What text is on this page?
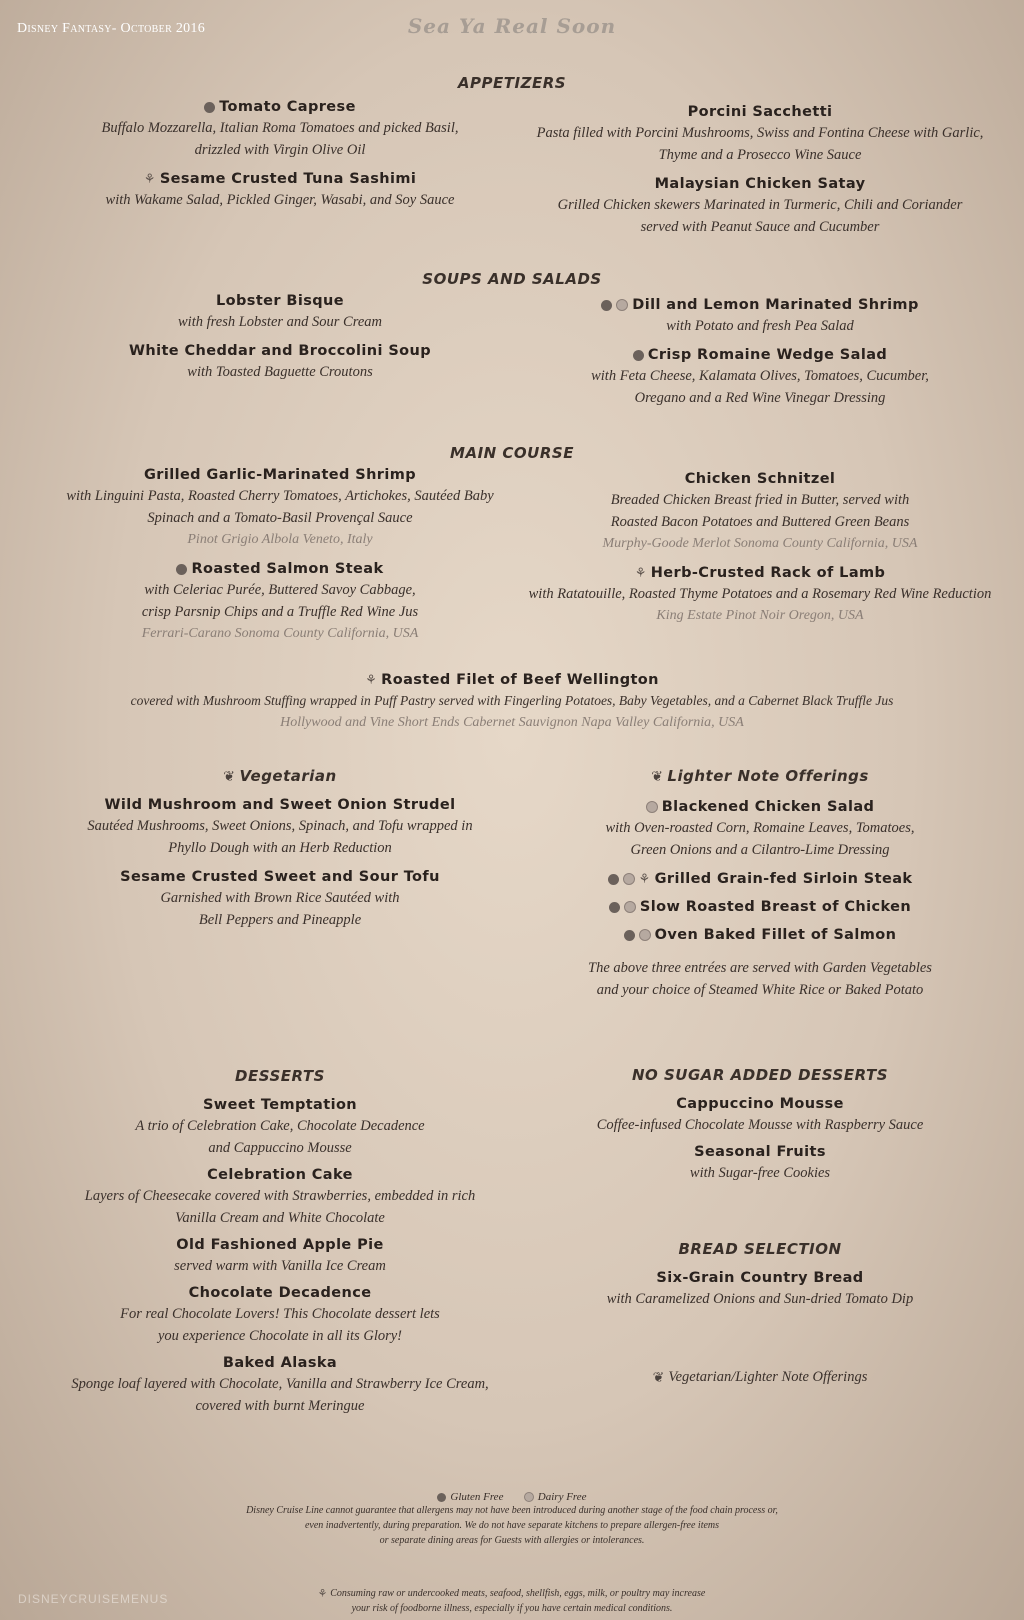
Disney Fantasy- October 2016	Sea Ya Real Soon
APPETIZERS

Tomato Caprese

Buffalo Mozzarella, Italian Roma Tomatoes and picked Basil,
drizzled with Virgin Olive Oil

⚘ Sesame Crusted Tuna Sashimi

with Wakame Salad, Pickled Ginger, Wasabi, and Soy Sauce

Porcini Sacchetti

Pasta filled with Porcini Mushrooms, Swiss and Fontina Cheese with Garlic,
Thyme and a Prosecco Wine Sauce

Malaysian Chicken Satay

Grilled Chicken skewers Marinated in Turmeric, Chili and Coriander
served with Peanut Sauce and Cucumber

SOUPS AND SALADS

Lobster Bisque

with fresh Lobster and Sour Cream

White Cheddar and Broccolini Soup

with Toasted Baguette Croutons

Dill and Lemon Marinated Shrimp

with Potato and fresh Pea Salad

Crisp Romaine Wedge Salad

with Feta Cheese, Kalamata Olives, Tomatoes, Cucumber,
Oregano and a Red Wine Vinegar Dressing

MAIN COURSE

Grilled Garlic-Marinated Shrimp

with Linguini Pasta, Roasted Cherry Tomatoes, Artichokes, Sautéed Baby
Spinach and a Tomato-Basil Provençal Sauce

Pinot Grigio Albola Veneto, Italy

Roasted Salmon Steak

with Celeriac Purée, Buttered Savoy Cabbage,
crisp Parsnip Chips and a Truffle Red Wine Jus

Ferrari-Carano Sonoma County California, USA

Chicken Schnitzel

Breaded Chicken Breast fried in Butter, served with
Roasted Bacon Potatoes and Buttered Green Beans

Murphy-Goode Merlot Sonoma County California, USA

⚘ Herb-Crusted Rack of Lamb

with Ratatouille, Roasted Thyme Potatoes and a Rosemary Red Wine Reduction

King Estate Pinot Noir Oregon, USA

⚘ Roasted Filet of Beef Wellington

covered with Mushroom Stuffing wrapped in Puff Pastry served with Fingerling Potatoes, Baby Vegetables, and a Cabernet Black Truffle Jus

Hollywood and Vine Short Ends Cabernet Sauvignon Napa Valley California, USA

❦ Vegetarian

Wild Mushroom and Sweet Onion Strudel

Sautéed Mushrooms, Sweet Onions, Spinach, and Tofu wrapped in
Phyllo Dough with an Herb Reduction

Sesame Crusted Sweet and Sour Tofu

Garnished with Brown Rice Sautéed with
Bell Peppers and Pineapple

❦ Lighter Note Offerings

Blackened Chicken Salad

with Oven-roasted Corn, Romaine Leaves, Tomatoes,
Green Onions and a Cilantro-Lime Dressing

⚘ Grilled Grain-fed Sirloin Steak

Slow Roasted Breast of Chicken

Oven Baked Fillet of Salmon

The above three entrées are served with Garden Vegetables
and your choice of Steamed White Rice or Baked Potato

DESSERTS

Sweet Temptation

A trio of Celebration Cake, Chocolate Decadence
and Cappuccino Mousse

Celebration Cake

Layers of Cheesecake covered with Strawberries, embedded in rich
Vanilla Cream and White Chocolate

Old Fashioned Apple Pie

served warm with Vanilla Ice Cream

Chocolate Decadence

For real Chocolate Lovers! This Chocolate dessert lets
you experience Chocolate in all its Glory!

Baked Alaska

Sponge loaf layered with Chocolate, Vanilla and Strawberry Ice Cream,
covered with burnt Meringue

NO SUGAR ADDED DESSERTS

Cappuccino Mousse

Coffee-infused Chocolate Mousse with Raspberry Sauce

Seasonal Fruits

with Sugar-free Cookies

BREAD SELECTION

Six-Grain Country Bread

with Caramelized Onions and Sun-dried Tomato Dip

❦ Vegetarian/Lighter Note Offerings

Gluten Free	Dairy Free
Disney Cruise Line cannot guarantee that allergens may not have been introduced during another stage of the food chain process or,
even inadvertently, during preparation. We do not have separate kitchens to prepare allergen-free items
or separate dining areas for Guests with allergies or intolerances.
⚘ Consuming raw or undercooked meats, seafood, shellfish, eggs, milk, or poultry may increase
your risk of foodborne illness, especially if you have certain medical conditions.
DISNEYCRUISEMENUS
